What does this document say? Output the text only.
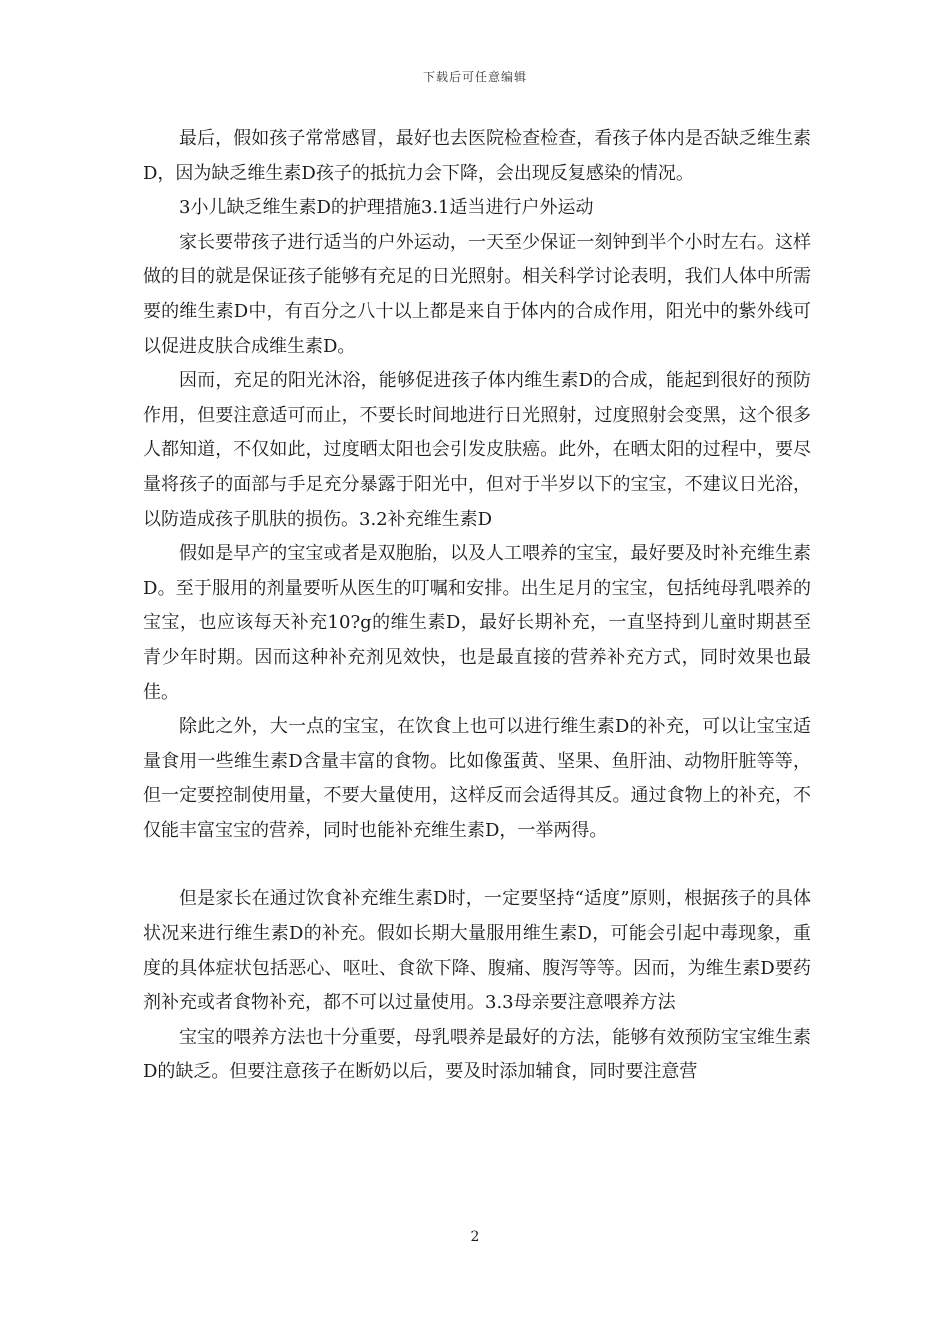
下载后可任意编辑

最后，假如孩子常常感冒，最好也去医院检查检查，看孩子体内是否缺乏维生素D，因为缺乏维生素D孩子的抵抗力会下降，会出现反复感染的情况。

3小儿缺乏维生素D的护理措施3.1适当进行户外运动

家长要带孩子进行适当的户外运动，一天至少保证一刻钟到半个小时左右。这样做的目的就是保证孩子能够有充足的日光照射。相关科学讨论表明，我们人体中所需要的维生素D中，有百分之八十以上都是来自于体内的合成作用，阳光中的紫外线可以促进皮肤合成维生素D。

因而，充足的阳光沐浴，能够促进孩子体内维生素D的合成，能起到很好的预防作用，但要注意适可而止，不要长时间地进行日光照射，过度照射会变黑，这个很多人都知道，不仅如此，过度晒太阳也会引发皮肤癌。此外，在晒太阳的过程中，要尽量将孩子的面部与手足充分暴露于阳光中，但对于半岁以下的宝宝，不建议日光浴，以防造成孩子肌肤的损伤。3.2补充维生素D

假如是早产的宝宝或者是双胞胎，以及人工喂养的宝宝，最好要及时补充维生素D。至于服用的剂量要听从医生的叮嘱和安排。出生足月的宝宝，包括纯母乳喂养的宝宝，也应该每天补充10?g的维生素D，最好长期补充，一直坚持到儿童时期甚至青少年时期。因而这种补充剂见效快，也是最直接的营养补充方式，同时效果也最佳。

除此之外，大一点的宝宝，在饮食上也可以进行维生素D的补充，可以让宝宝适量食用一些维生素D含量丰富的食物。比如像蛋黄、坚果、鱼肝油、动物肝脏等等，但一定要控制使用量，不要大量使用，这样反而会适得其反。通过食物上的补充，不仅能丰富宝宝的营养，同时也能补充维生素D，一举两得。

但是家长在通过饮食补充维生素D时，一定要坚持“适度”原则，根据孩子的具体状况来进行维生素D的补充。假如长期大量服用维生素D，可能会引起中毒现象，重度的具体症状包括恶心、呕吐、食欲下降、腹痛、腹泻等等。因而，为维生素D要药剂补充或者食物补充，都不可以过量使用。3.3母亲要注意喂养方法

宝宝的喂养方法也十分重要，母乳喂养是最好的方法，能够有效预防宝宝维生素D的缺乏。但要注意孩子在断奶以后，要及时添加辅食，同时要注意营

2
